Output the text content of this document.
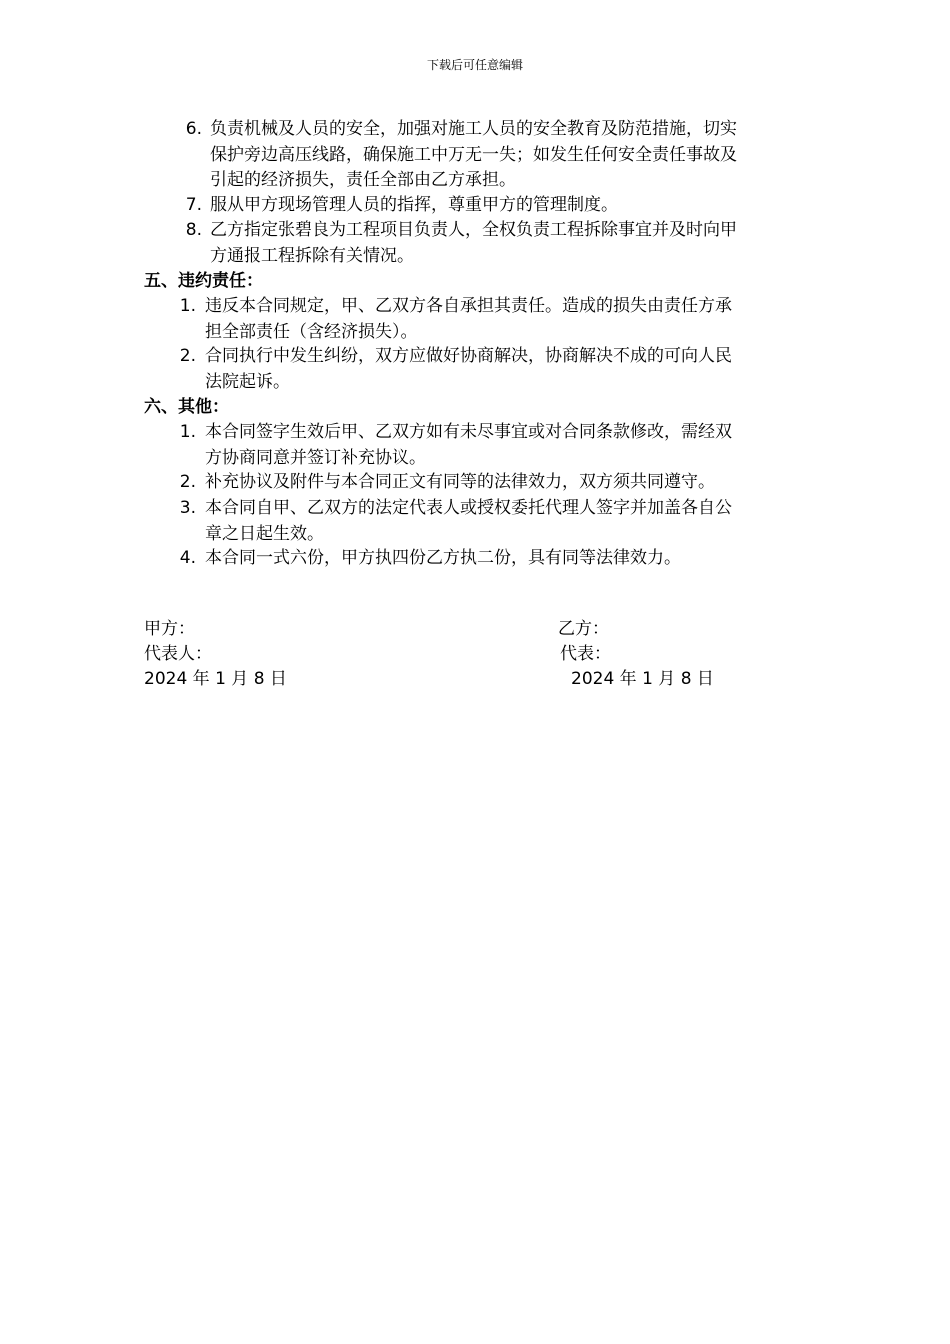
下载后可任意编辑
6. 负责机械及人员的安全，加强对施工人员的安全教育及防范措施，切实
保护旁边高压线路，确保施工中万无一失；如发生任何安全责任事故及
引起的经济损失，责任全部由乙方承担。
7. 服从甲方现场管理人员的指挥，尊重甲方的管理制度。
8. 乙方指定张碧良为工程项目负责人，全权负责工程拆除事宜并及时向甲
方通报工程拆除有关情况。
五、违约责任：
1. 违反本合同规定，甲、乙双方各自承担其责任。造成的损失由责任方承
担全部责任（含经济损失）。
2. 合同执行中发生纠纷，双方应做好协商解决，协商解决不成的可向人民
法院起诉。
六、其他：
1. 本合同签字生效后甲、乙双方如有未尽事宜或对合同条款修改，需经双
方协商同意并签订补充协议。
2. 补充协议及附件与本合同正文有同等的法律效力，双方须共同遵守。
3. 本合同自甲、乙双方的法定代表人或授权委托代理人签字并加盖各自公
章之日起生效。
4. 本合同一式六份，甲方执四份乙方执二份，具有同等法律效力。
甲方：
代表人：
2024 年 1 月 8 日
乙方：
代表：
2024 年 1 月 8 日
